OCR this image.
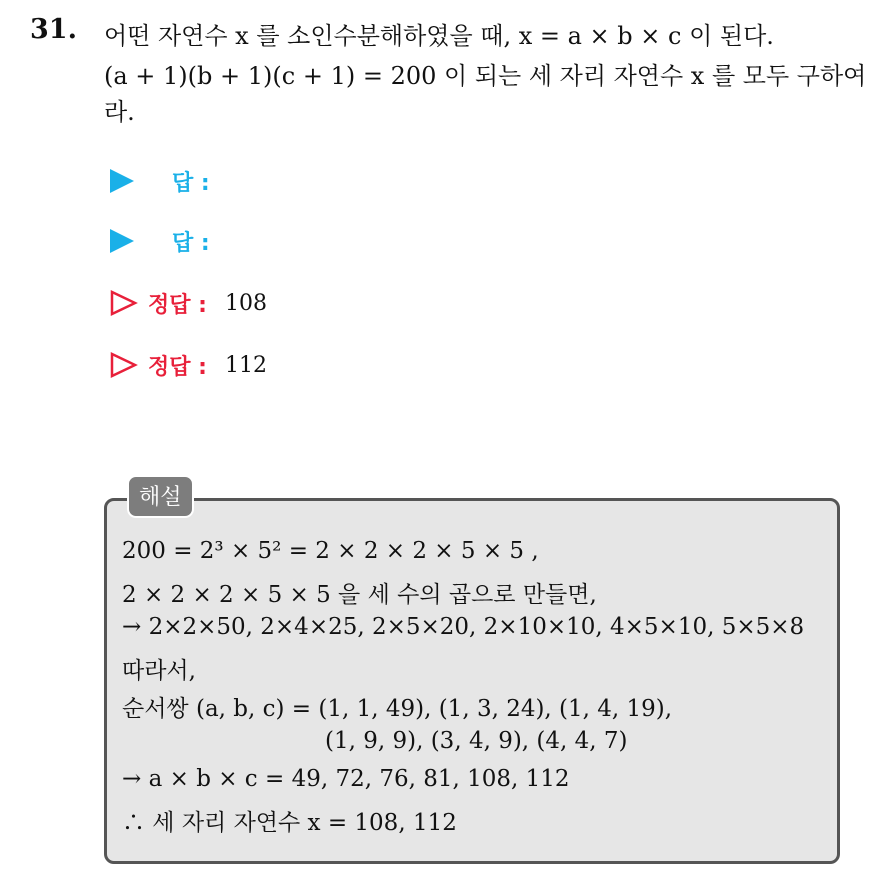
31. 어떤 자연수 x 를 소인수분해하였을 때, x = a × b × c 이 된다.
(a + 1)(b + 1)(c + 1) = 200 이 되는 세 자리 자연수 x 를 모두 구하여
라.
답 :
답 :
정답 : 108
정답 : 112
해설
200 = 2³ × 5² = 2 × 2 × 2 × 5 × 5 ,
2 × 2 × 2 × 5 × 5 을 세 수의 곱으로 만들면,
→ 2×2×50, 2×4×25, 2×5×20, 2×10×10, 4×5×10, 5×5×8
따라서,
순서쌍 (a, b, c) = (1, 1, 49), (1, 3, 24), (1, 4, 19),
(1, 9, 9), (3, 4, 9), (4, 4, 7)
→ a × b × c = 49, 72, 76, 81, 108, 112
∴ 세 자리 자연수 x = 108, 112
